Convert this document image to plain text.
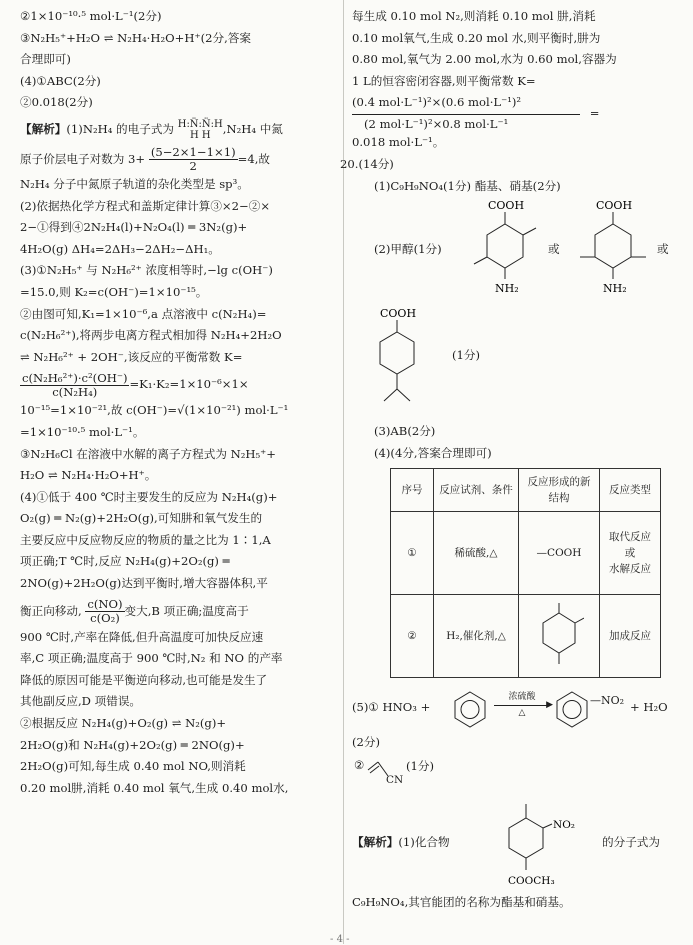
②1×10⁻¹⁰·⁵ mol·L⁻¹(2分)
③N₂H₅⁺+H₂O ⇌ N₂H₄·H₂O+H⁺(2分,答案
合理即可)
(4)①ABC(2分)
②0.018(2分)
【解析】(1)N₂H₄ 的电子式为 H:N̈:N̈:H
H H	,N₂H₄ 中氮
原子价层电子对数为 $3+ \frac{(5-2\times 1-1\times 1)}{2} =4$,故
N₂H₄ 分子中氮原子轨道的杂化类型是 sp³。
(2)依据热化学方程式和盖斯定律计算③×2−②×
2−①得到④2N₂H₄(l)+N₂O₄(l) ═ 3N₂(g)+
4H₂O(g) ΔH₄=2ΔH₃−2ΔH₂−ΔH₁。
(3)①N₂H₅⁺ 与 N₂H₆²⁺ 浓度相等时,−lg c(OH⁻)
=15.0,则 K₂=c(OH⁻)=1×10⁻¹⁵。
②由图可知,K₁=1×10⁻⁶,a 点溶液中 c(N₂H₄)=
c(N₂H₆²⁺),将两步电离方程式相加得 N₂H₄+2H₂O
⇌ N₂H₆²⁺ + 2OH⁻,该反应的平衡常数 K=
$\frac{\text{c(N₂H₆²⁺)·c²(OH⁻)}}{\text{c(N₂H₄)}} =K_1\cdot K_2=1\times 10^{-6}\times 1\times$
10⁻¹⁵=1×10⁻²¹,故 c(OH⁻)=√(1×10⁻²¹) mol·L⁻¹
=1×10⁻¹⁰·⁵ mol·L⁻¹。
③N₂H₆Cl 在溶液中水解的离子方程式为 N₂H₅⁺+
H₂O ⇌ N₂H₄·H₂O+H⁺。
(4)①低于 400 ℃时主要发生的反应为 N₂H₄(g)+
O₂(g) ═ N₂(g)+2H₂O(g),可知肼和氧气发生的
主要反应中反应物反应的物质的量之比为 1∶1,A
项正确;T ℃时,反应 N₂H₄(g)+2O₂(g) ═
2NO(g)+2H₂O(g)达到平衡时,增大容器体积,平
衡正向移动, $\frac{c(NO)}{\text{c(O₂)}}$ 变大,B 项正确;温度高于
900 ℃时,产率在降低,但升高温度可加快反应速
率,C 项正确;温度高于 900 ℃时,N₂ 和 NO 的产率
降低的原因可能是平衡逆向移动,也可能是发生了
其他副反应,D 项错误。
②根据反应 N₂H₄(g)+O₂(g) ⇌ N₂(g)+
2H₂O(g)和 N₂H₄(g)+2O₂(g) ═ 2NO(g)+
2H₂O(g)可知,每生成 0.40 mol NO,则消耗
0.20 mol肼,消耗 0.40 mol 氧气,生成 0.40 mol水,
每生成 0.10 mol N₂,则消耗 0.10 mol 肼,消耗
0.10 mol氧气,生成 0.20 mol 水,则平衡时,肼为
0.80 mol,氧气为 2.00 mol,水为 0.60 mol,容器为
1 L的恒容密闭容器,则平衡常数 K=
(0.4 mol·L⁻¹)²×(0.6 mol·L⁻¹)²
=
(2 mol·L⁻¹)²×0.8 mol·L⁻¹
0.018 mol·L⁻¹。
20.(14分)
(1)C₉H₉NO₄(1分) 酯基、硝基(2分)
(2)甲醇(1分)
COOH
NH₂
或
COOH
NH₂
或
COOH
(1分)
(3)AB(2分)
(4)(4分,答案合理即可)
序号	反应试剂、条件	反应形成的新结构	反应类型
①	稀硫酸,△	—COOH	取代反应
或
水解反应

②	H₂,催化剂,△		加成反应
(5)① HNO₃ +
浓硫酸
▶
△
—NO₂ + H₂O
(2分)
②
CN
(1分)
【解析】(1)化合物
NO₂
COOCH₃
的分子式为
C₉H₉NO₄,其官能团的名称为酯基和硝基。
- 4 -
